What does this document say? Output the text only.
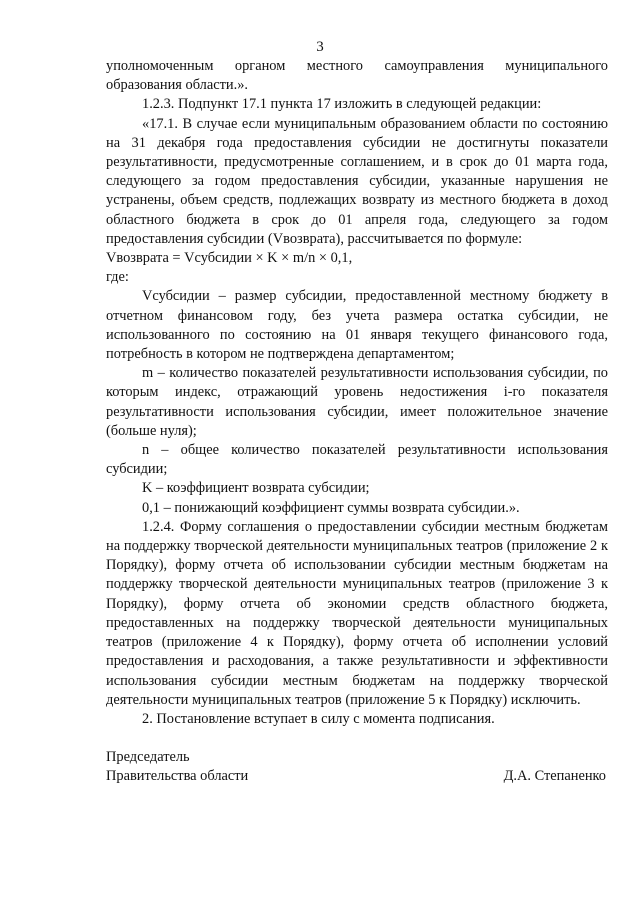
3

уполномоченным органом местного самоуправления муниципального образования области.».

1.2.3. Подпункт 17.1 пункта 17 изложить в следующей редакции:

«17.1. В случае если муниципальным образованием области по состоянию на 31 декабря года предоставления субсидии не достигнуты показатели результативности, предусмотренные соглашением, и в срок до 01 марта года, следующего за годом предоставления субсидии, указанные нарушения не устранены, объем средств, подлежащих возврату из местного бюджета в доход областного бюджета в срок до 01 апреля года, следующего за годом предоставления субсидии (Vвозврата), рассчитывается по формуле:

Vвозврата = Vсубсидии × K × m/n × 0,1,

где:

Vсубсидии – размер субсидии, предоставленной местному бюджету в отчетном финансовом году, без учета размера остатка субсидии, не использованного по состоянию на 01 января текущего финансового года, потребность в котором не подтверждена департаментом;

m – количество показателей результативности использования субсидии, по которым индекс, отражающий уровень недостижения i-го показателя результативности использования субсидии, имеет положительное значение (больше нуля);

n – общее количество показателей результативности использования субсидии;

K – коэффициент возврата субсидии;

0,1 – понижающий коэффициент суммы возврата субсидии.».

1.2.4. Форму соглашения о предоставлении субсидии местным бюджетам на поддержку творческой деятельности муниципальных театров (приложение 2 к Порядку), форму отчета об использовании субсидии местным бюджетам на поддержку творческой деятельности муниципальных театров (приложение 3 к Порядку), форму отчета об экономии средств областного бюджета, предоставленных на поддержку творческой деятельности муниципальных театров (приложение 4 к Порядку), форму отчета об исполнении условий предоставления и расходования, а также результативности и эффективности использования субсидии местным бюджетам на поддержку творческой деятельности муниципальных театров (приложение 5 к Порядку) исключить.

2. Постановление вступает в силу с момента подписания.

Председатель
Правительства области	Д.А. Степаненко
